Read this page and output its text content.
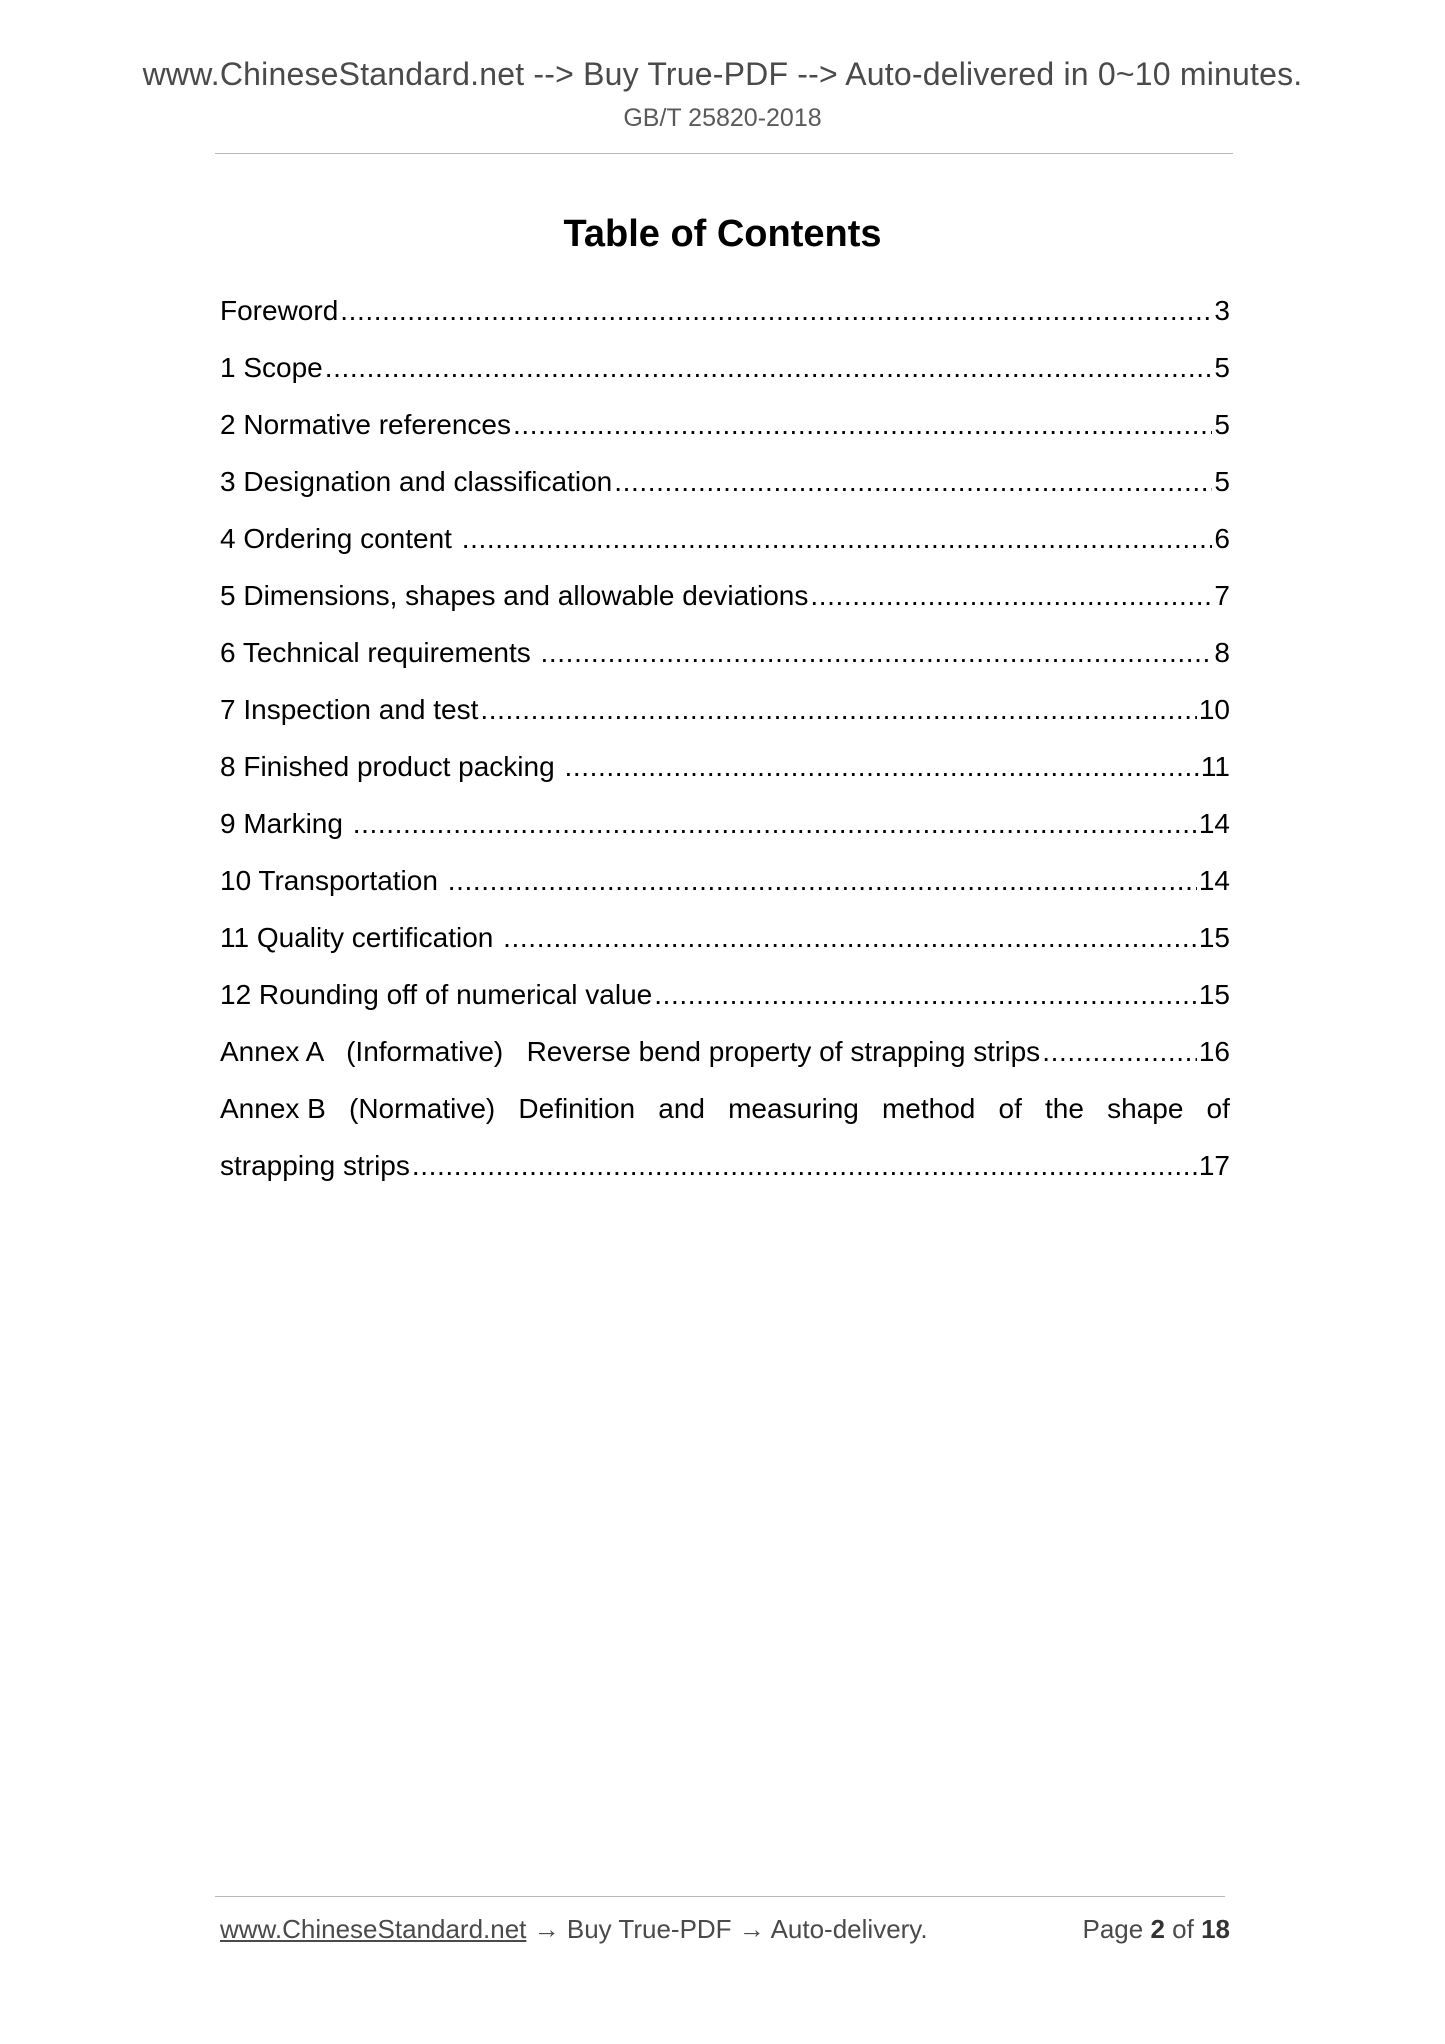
www.ChineseStandard.net --> Buy True-PDF --> Auto-delivered in 0~10 minutes.
GB/T 25820-2018
Table of Contents
Foreword .....	3
1 Scope .....	5
2 Normative references .....	5
3 Designation and classification .....	5
4 Ordering content .....	6
5 Dimensions, shapes and allowable deviations .....	7
6 Technical requirements .....	8
7 Inspection and test .....	10
8 Finished product packing .....	11
9 Marking .....	14
10 Transportation .....	14
11 Quality certification .....	15
12 Rounding off of numerical value .....	15
Annex A   (Informative)   Reverse bend property of strapping strips .....	16
Annex B (Normative) Definition and measuring method of the shape of
strapping strips .....	17
www.ChineseStandard.net → Buy True-PDF → Auto-delivery.	Page 2 of 18
